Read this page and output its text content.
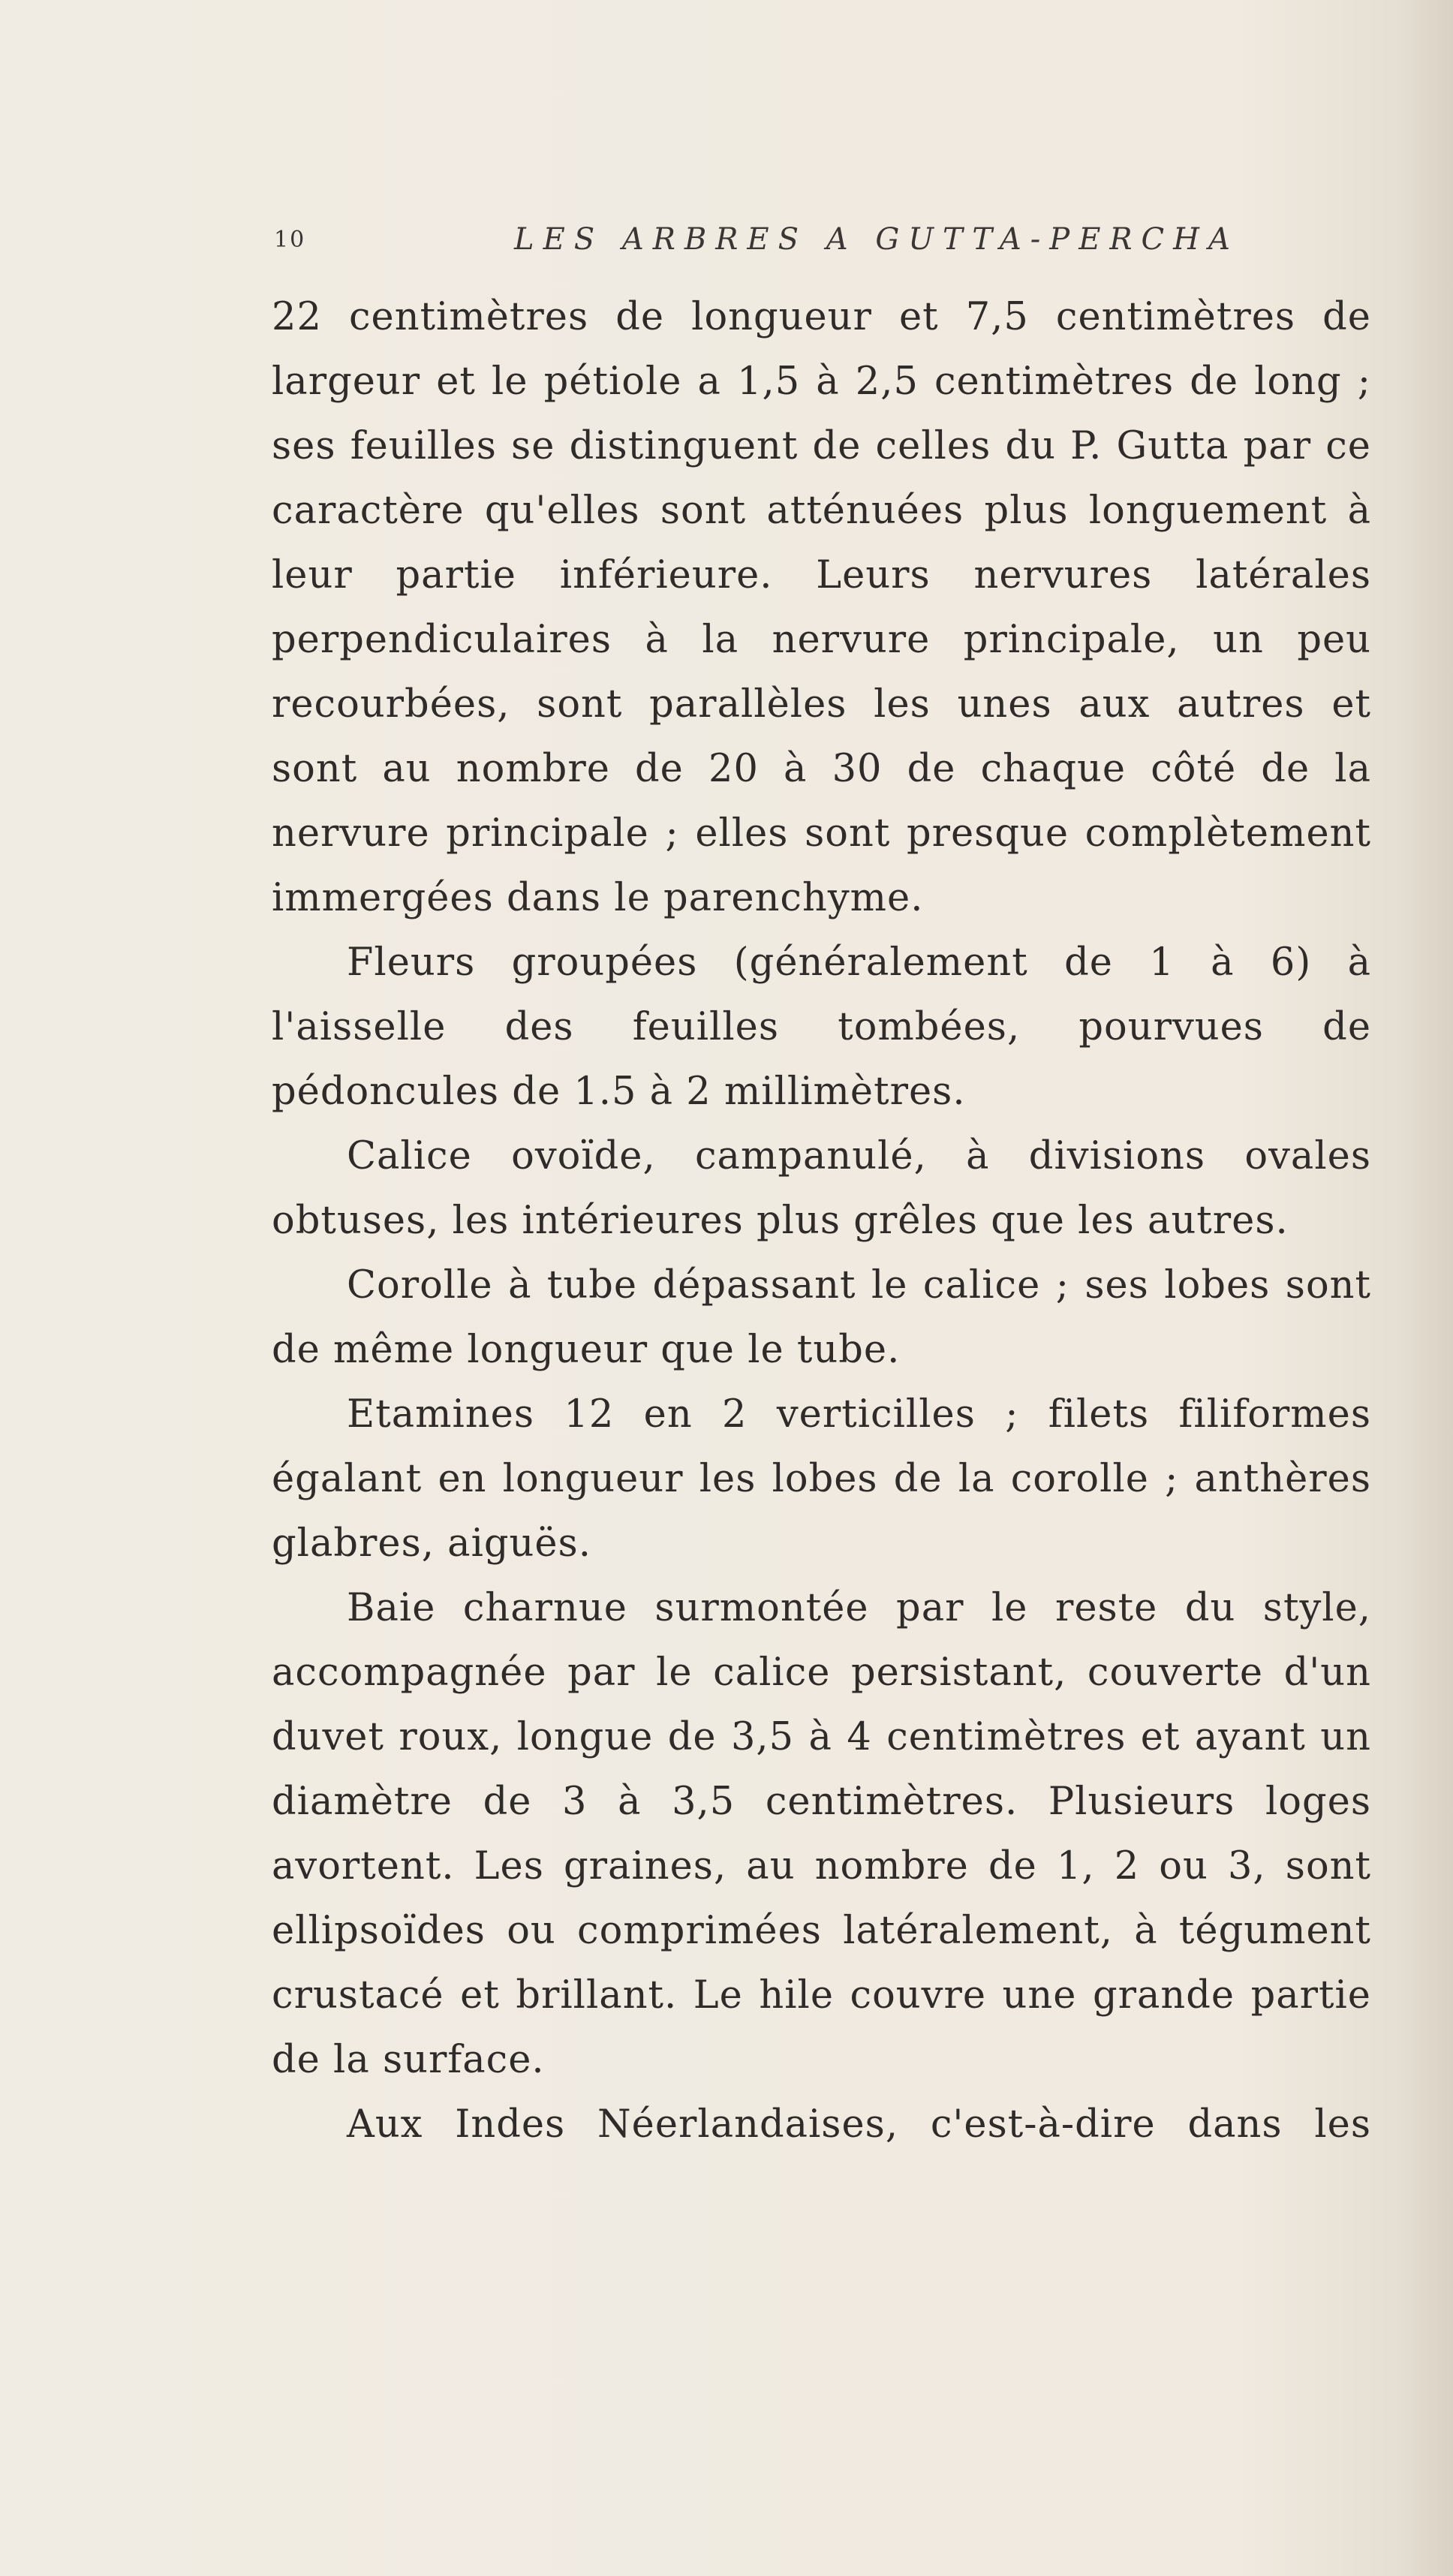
10	LES ARBRES A GUTTA-PERCHA

22 centimètres de longueur et 7,5 centimètres de largeur et le pétiole a 1,5 à 2,5 centimètres de long ; ses feuilles se distinguent de celles du P. Gutta par ce caractère qu'elles sont atténuées plus longuement à leur partie inférieure. Leurs nervures latérales perpendiculaires à la nervure principale, un peu recourbées, sont parallèles les unes aux autres et sont au nombre de 20 à 30 de chaque côté de la nervure principale ; elles sont presque complètement immergées dans le parenchyme.

Fleurs groupées (généralement de 1 à 6) à l'aisselle des feuilles tombées, pourvues de pédoncules de 1.5 à 2 millimètres.

Calice ovoïde, campanulé, à divisions ovales obtuses, les intérieures plus grêles que les autres.

Corolle à tube dépassant le calice ; ses lobes sont de même longueur que le tube.

Etamines 12 en 2 verticilles ; filets filiformes égalant en longueur les lobes de la corolle ; anthères glabres, aiguës.

Baie charnue surmontée par le reste du style, accompagnée par le calice persistant, couverte d'un duvet roux, longue de 3,5 à 4 centimètres et ayant un diamètre de 3 à 3,5 centimètres. Plusieurs loges avortent. Les graines, au nombre de 1, 2 ou 3, sont ellipsoïdes ou comprimées latéralement, à tégument crustacé et brillant. Le hile couvre une grande partie de la surface.

Aux Indes Néerlandaises, c'est-à-dire dans les
